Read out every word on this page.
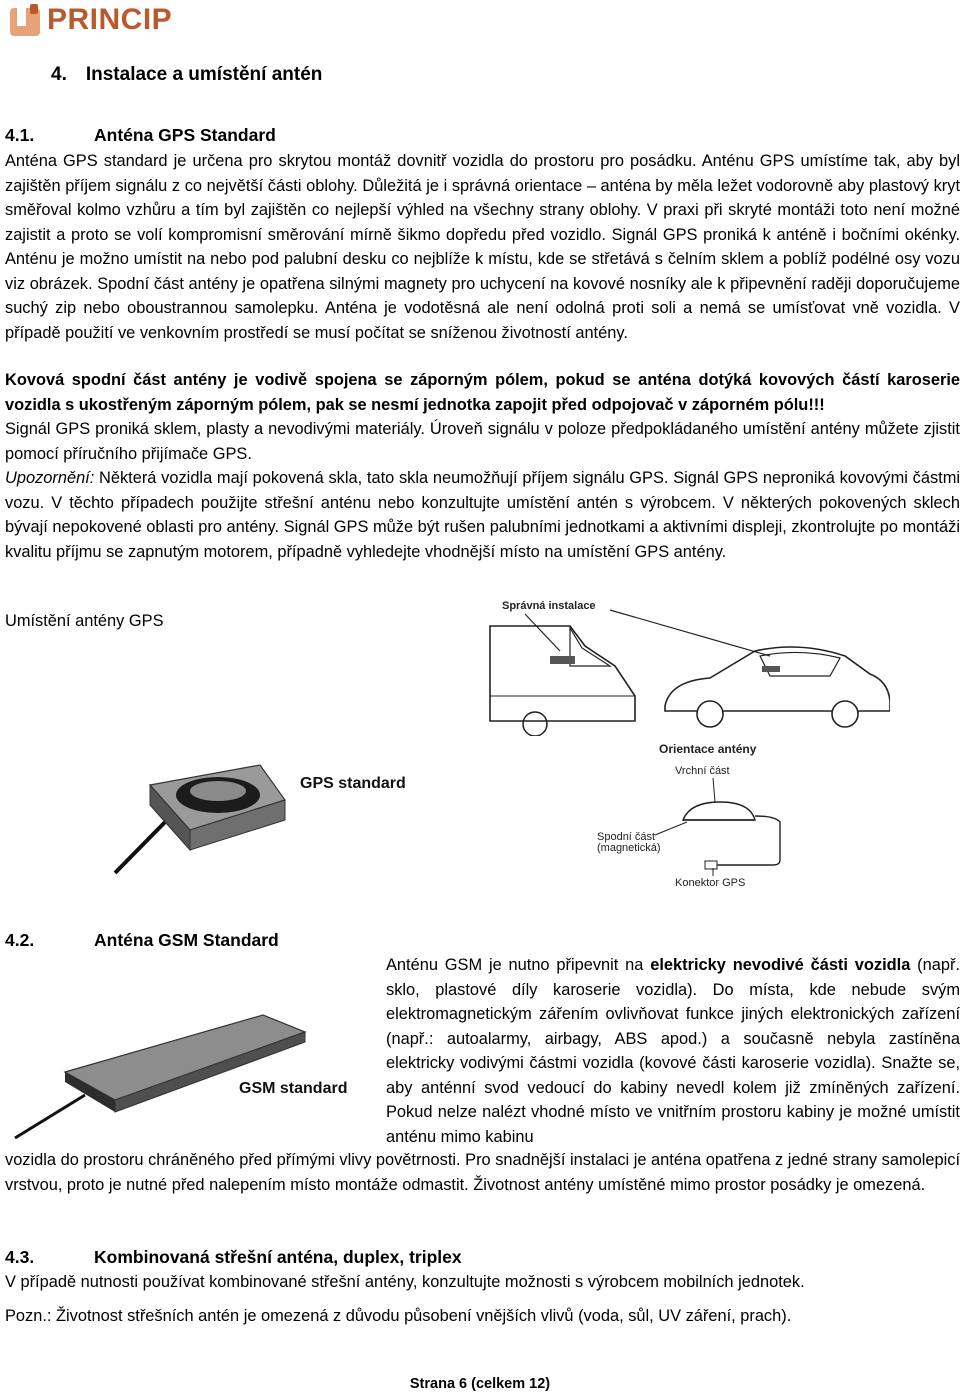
PRINCIP
4. Instalace a umístění antén
4.1.	Anténa GPS Standard
Anténa GPS standard je určena pro skrytou montáž dovnitř vozidla do prostoru pro posádku. Anténu GPS umístíme tak, aby byl zajištěn příjem signálu z co největší části oblohy. Důležitá je i správná orientace – anténa by měla ležet vodorovně aby plastový kryt směřoval kolmo vzhůru a tím byl zajištěn co nejlepší výhled na všechny strany oblohy. V praxi při skryté montáži toto není možné zajistit a proto se volí kompromisní směrování mírně šikmo dopředu před vozidlo. Signál GPS proniká k anténě i bočními okénky. Anténu je možno umístit na nebo pod palubní desku co nejblíže k místu, kde se střetává s čelním sklem a poblíž podélné osy vozu viz obrázek. Spodní část antény je opatřena silnými magnety pro uchycení na kovové nosníky ale k připevnění raději doporučujeme suchý zip nebo oboustrannou samolepku. Anténa je vodotěsná ale není odolná proti soli a nemá se umísťovat vně vozidla. V případě použití ve venkovním prostředí se musí počítat se sníženou životností antény.
Kovová spodní část antény je vodivě spojena se záporným pólem, pokud se anténa dotýká kovových částí karoserie vozidla s ukostřeným záporným pólem, pak se nesmí jednotka zapojit před odpojovač v záporném pólu!!!
Signál GPS proniká sklem, plasty a nevodivými materiály. Úroveň signálu v poloze předpokládaného umístění antény můžete zjistit pomocí příručního přijímače GPS.
Upozornění: Některá vozidla mají pokovená skla, tato skla neumožňují příjem signálu GPS. Signál GPS neproniká kovovými částmi vozu. V těchto případech použijte střešní anténu nebo konzultujte umístění antén s výrobcem. V některých pokovených sklech bývají nepokovené oblasti pro antény. Signál GPS může být rušen palubními jednotkami a aktivními displeji, zkontrolujte po montáži kvalitu příjmu se zapnutým motorem, případně vyhledejte vhodnější místo na umístění GPS antény.
Umístění antény GPS
Správná instalace
GPS standard
Orientace antény
Vrchní část
Spodní část
(magnetická)
Konektor GPS
4.2.	Anténa GSM Standard
GSM standard
Anténu GSM je nutno připevnit na elektricky nevodivé části vozidla (např. sklo, plastové díly karoserie vozidla). Do místa, kde nebude svým elektromagnetickým zářením ovlivňovat funkce jiných elektronických zařízení (např.: autoalarmy, airbagy, ABS apod.) a současně nebyla zastíněna elektricky vodivými částmi vozidla (kovové části karoserie vozidla). Snažte se, aby anténní svod vedoucí do kabiny nevedl kolem již zmíněných zařízení. Pokud nelze nalézt vhodné místo ve vnitřním prostoru kabiny je možné umístit anténu mimo kabinu
vozidla do prostoru chráněného před přímými vlivy povětrnosti. Pro snadnější instalaci je anténa opatřena z jedné strany samolepicí vrstvou, proto je nutné před nalepením místo montáže odmastit. Životnost antény umístěné mimo prostor posádky je omezená.
4.3.	Kombinovaná střešní anténa, duplex, triplex
V případě nutnosti používat kombinované střešní antény, konzultujte možnosti s výrobcem mobilních jednotek.
Pozn.: Životnost střešních antén je omezená z důvodu působení vnějších vlivů (voda, sůl, UV záření, prach).
Strana 6 (celkem 12)
